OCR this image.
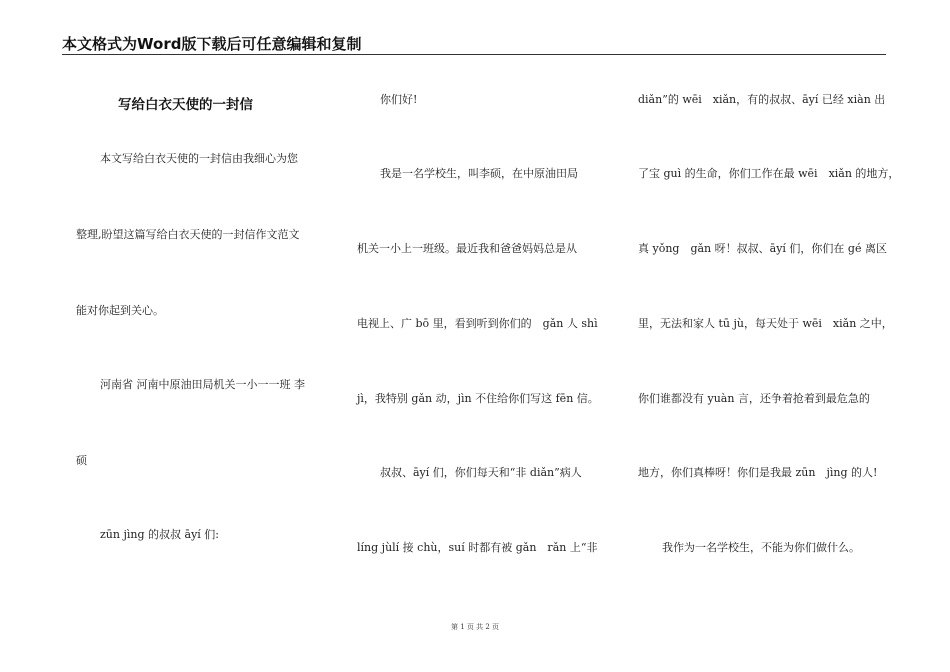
本文格式为Word版下载后可任意编辑和复制
写给白衣天使的一封信
本文写给白衣天使的一封信由我细心为您
整理,盼望这篇写给白衣天使的一封信作文范文
能对你起到关心。
河南省 河南中原油田局机关一小一一班 李
硕
zūn jìng 的叔叔 āyí 们:
你们好!
我是一名学校生，叫李硕，在中原油田局
机关一小上一班级。最近我和爸爸妈妈总是从
电视上、广 bō 里，看到听到你们的　gǎn 人 shì
jì，我特别 gǎn 动，jìn 不住给你们写这 fēn 信。
叔叔、āyí 们，你们每天和“非 diǎn”病人
líng jùlí 接 chù，suí 时都有被 gǎn　rǎn 上“非
diǎn”的 wēi　xiǎn，有的叔叔、āyí 已经 xiàn 出
了宝 guì 的生命，你们工作在最 wēi　xiǎn 的地方，
真 yǒng　gǎn 呀！叔叔、āyí 们，你们在 gé 离区
里，无法和家人 tū jù，每天处于 wēi　xiǎn 之中，
你们谁都没有 yuàn 言，还争着抢着到最危急的
地方，你们真棒呀！你们是我最 zūn　jìng 的人!
我作为一名学校生，不能为你们做什么。
第 1 页 共 2 页
